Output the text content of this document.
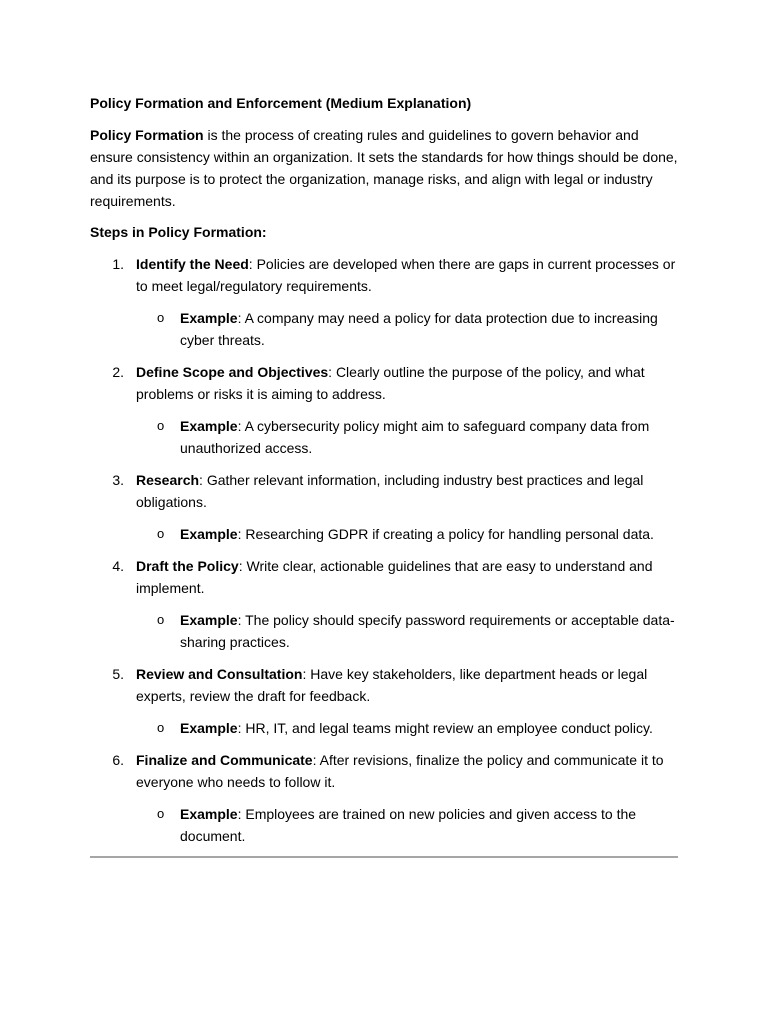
Policy Formation and Enforcement (Medium Explanation)

Policy Formation is the process of creating rules and guidelines to govern behavior and ensure consistency within an organization. It sets the standards for how things should be done, and its purpose is to protect the organization, manage risks, and align with legal or industry requirements.

Steps in Policy Formation:
1. Identify the Need: Policies are developed when there are gaps in current processes or to meet legal/regulatory requirements.
o Example: A company may need a policy for data protection due to increasing cyber threats.
2. Define Scope and Objectives: Clearly outline the purpose of the policy, and what problems or risks it is aiming to address.
o Example: A cybersecurity policy might aim to safeguard company data from unauthorized access.
3. Research: Gather relevant information, including industry best practices and legal obligations.
o Example: Researching GDPR if creating a policy for handling personal data.
4. Draft the Policy: Write clear, actionable guidelines that are easy to understand and implement.
o Example: The policy should specify password requirements or acceptable data-sharing practices.
5. Review and Consultation: Have key stakeholders, like department heads or legal experts, review the draft for feedback.
o Example: HR, IT, and legal teams might review an employee conduct policy.
6. Finalize and Communicate: After revisions, finalize the policy and communicate it to everyone who needs to follow it.
o Example: Employees are trained on new policies and given access to the document.
